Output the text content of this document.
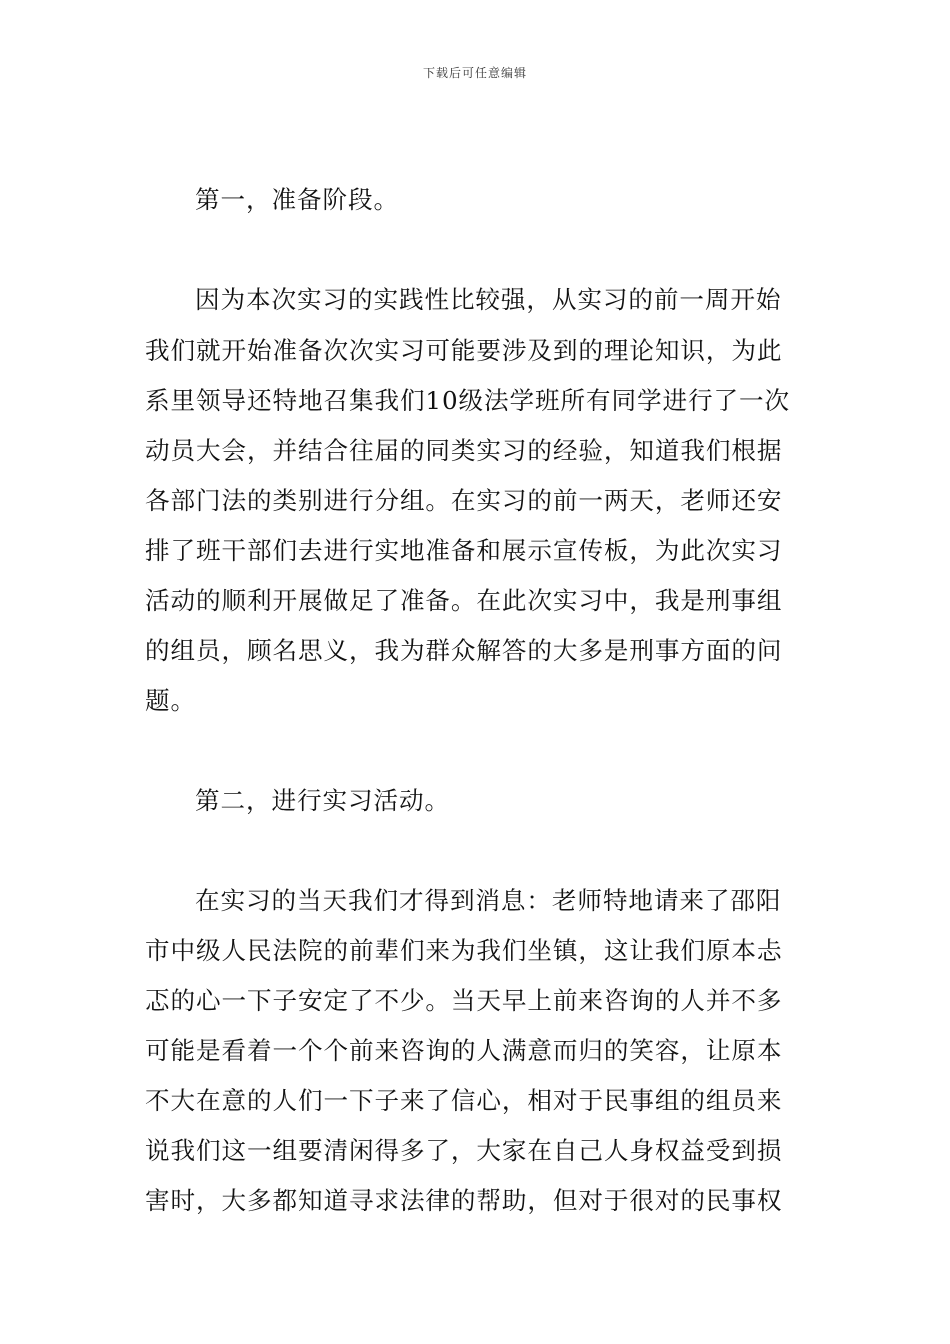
下载后可任意编辑
第一，准备阶段。
因为本次实习的实践性比较强，从实习的前一周开始
我们就开始准备次次实习可能要涉及到的理论知识，为此
系里领导还特地召集我们10级法学班所有同学进行了一次
动员大会，并结合往届的同类实习的经验，知道我们根据
各部门法的类别进行分组。在实习的前一两天，老师还安
排了班干部们去进行实地准备和展示宣传板，为此次实习
活动的顺利开展做足了准备。在此次实习中，我是刑事组
的组员，顾名思义，我为群众解答的大多是刑事方面的问
题。
第二，进行实习活动。
在实习的当天我们才得到消息：老师特地请来了邵阳
市中级人民法院的前辈们来为我们坐镇，这让我们原本忐
忑的心一下子安定了不少。当天早上前来咨询的人并不多
可能是看着一个个前来咨询的人满意而归的笑容，让原本
不大在意的人们一下子来了信心，相对于民事组的组员来
说我们这一组要清闲得多了，大家在自己人身权益受到损
害时，大多都知道寻求法律的帮助，但对于很对的民事权
